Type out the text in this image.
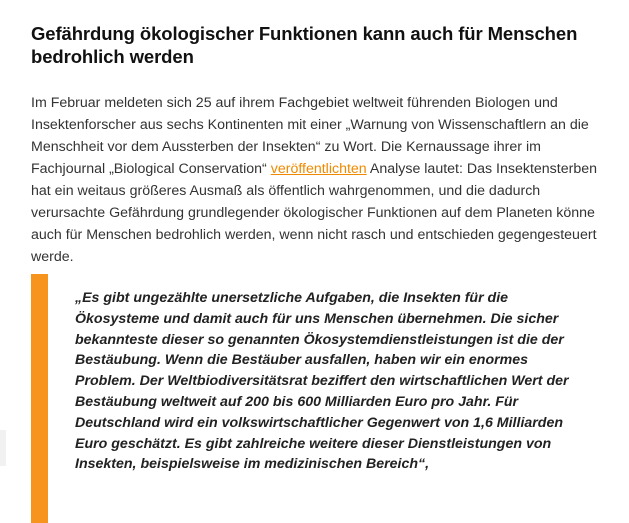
Gefährdung ökologischer Funktionen kann auch für Menschen bedrohlich werden

Im Februar meldeten sich 25 auf ihrem Fachgebiet weltweit führenden Biologen und Insektenforscher aus sechs Kontinenten mit einer „Warnung von Wissenschaftlern an die Menschheit vor dem Aussterben der Insekten“ zu Wort. Die Kernaussage ihrer im Fachjournal „Biological Conservation“ veröffentlichten Analyse lautet: Das Insektensterben hat ein weitaus größeres Ausmaß als öffentlich wahrgenommen, und die dadurch verursachte Gefährdung grundlegender ökologischer Funktionen auf dem Planeten könne auch für Menschen bedrohlich werden, wenn nicht rasch und entschieden gegengesteuert werde.

„Es gibt ungezählte unersetzliche Aufgaben, die Insekten für die Ökosysteme und damit auch für uns Menschen übernehmen. Die sicher bekannteste dieser so genannten Ökosystemdienstleistungen ist die der Bestäubung. Wenn die Bestäuber ausfallen, haben wir ein enormes Problem. Der Weltbiodiversitätsrat beziffert den wirtschaftlichen Wert der Bestäubung weltweit auf 200 bis 600 Milliarden Euro pro Jahr. Für Deutschland wird ein volkswirtschaftlicher Gegenwert von 1,6 Milliarden Euro geschätzt. Es gibt zahlreiche weitere dieser Dienstleistungen von Insekten, beispielsweise im medizinischen Bereich“,
